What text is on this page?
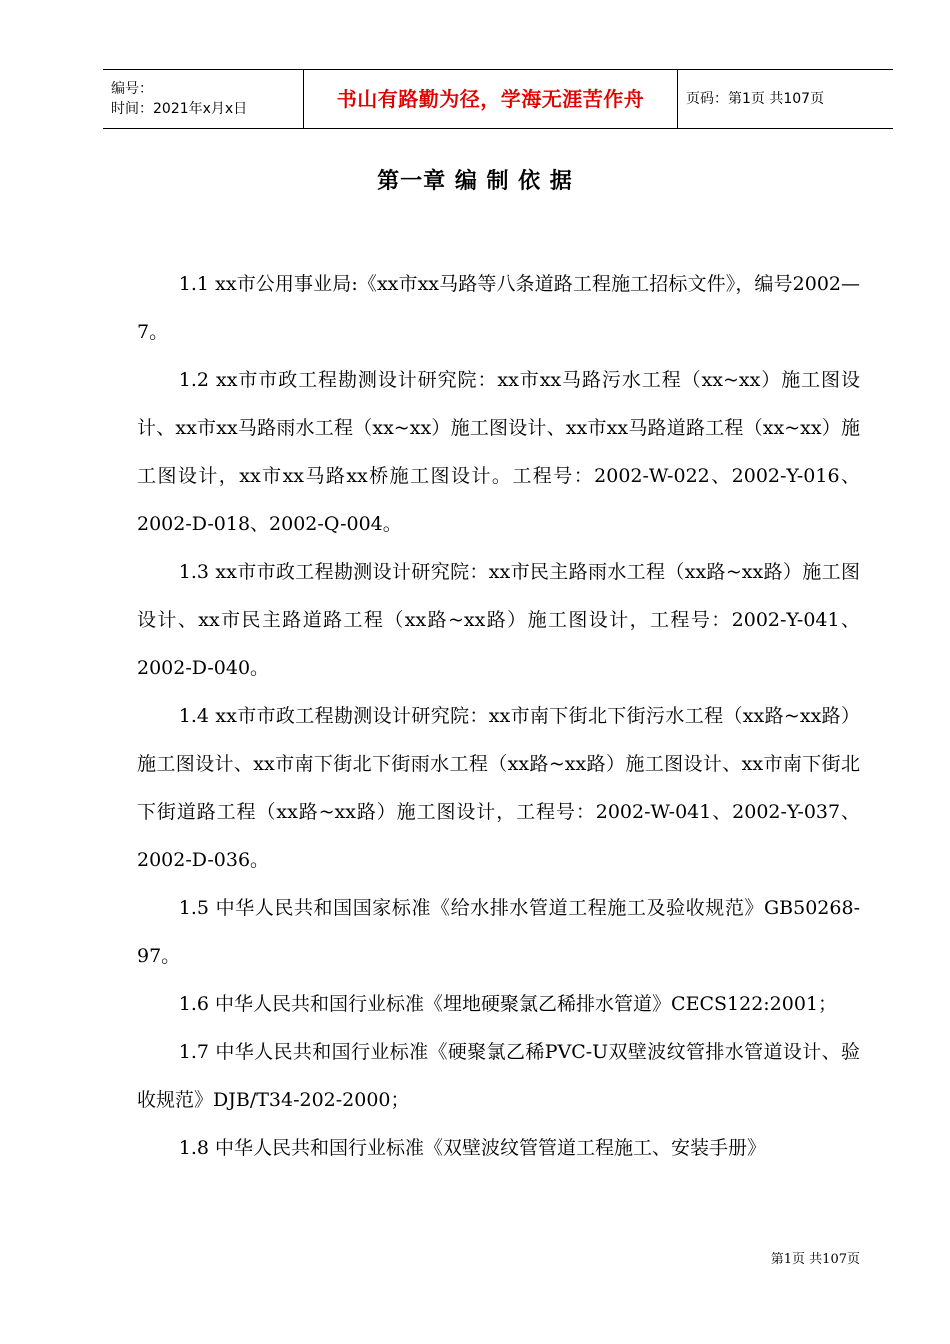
编号：
时间：2021年x月x日	书山有路勤为径，学海无涯苦作舟	页码：第1页 共107页
第一章 编 制 依 据

1.1 xx市公用事业局:《xx市xx马路等八条道路工程施工招标文件》，编号2002—7。

1.2 xx市市政工程勘测设计研究院：xx市xx马路污水工程（xx~xx）施工图设计、xx市xx马路雨水工程（xx~xx）施工图设计、xx市xx马路道路工程（xx~xx）施工图设计，xx市xx马路xx桥施工图设计。工程号：2002-W-022、2002-Y-016、2002-D-018、2002-Q-004。

1.3 xx市市政工程勘测设计研究院：xx市民主路雨水工程（xx路~xx路）施工图设计、xx市民主路道路工程（xx路~xx路）施工图设计，工程号：2002-Y-041、2002-D-040。

1.4 xx市市政工程勘测设计研究院：xx市南下街北下街污水工程（xx路~xx路）施工图设计、xx市南下街北下街雨水工程（xx路~xx路）施工图设计、xx市南下街北下街道路工程（xx路~xx路）施工图设计，工程号：2002-W-041、2002-Y-037、2002-D-036。

1.5 中华人民共和国国家标准《给水排水管道工程施工及验收规范》GB50268-97。

1.6 中华人民共和国行业标准《埋地硬聚氯乙稀排水管道》CECS122:2001；

1.7 中华人民共和国行业标准《硬聚氯乙稀PVC-U双壁波纹管排水管道设计、验收规范》DJB/T34-202-2000；

1.8 中华人民共和国行业标准《双壁波纹管管道工程施工、安装手册》

第1页 共107页
